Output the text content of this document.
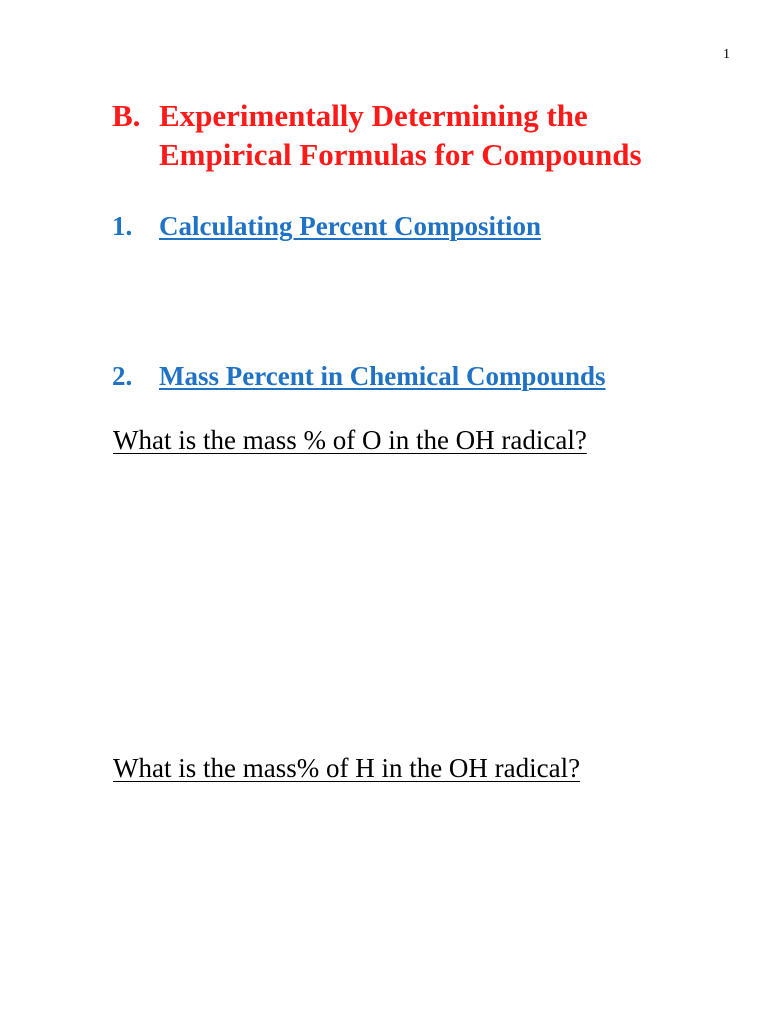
1
B. Experimentally Determining the
Empirical Formulas for Compounds
1. Calculating Percent Composition
2. Mass Percent in Chemical Compounds
What is the mass % of O in the OH radical?
What is the mass% of H in the OH radical?
